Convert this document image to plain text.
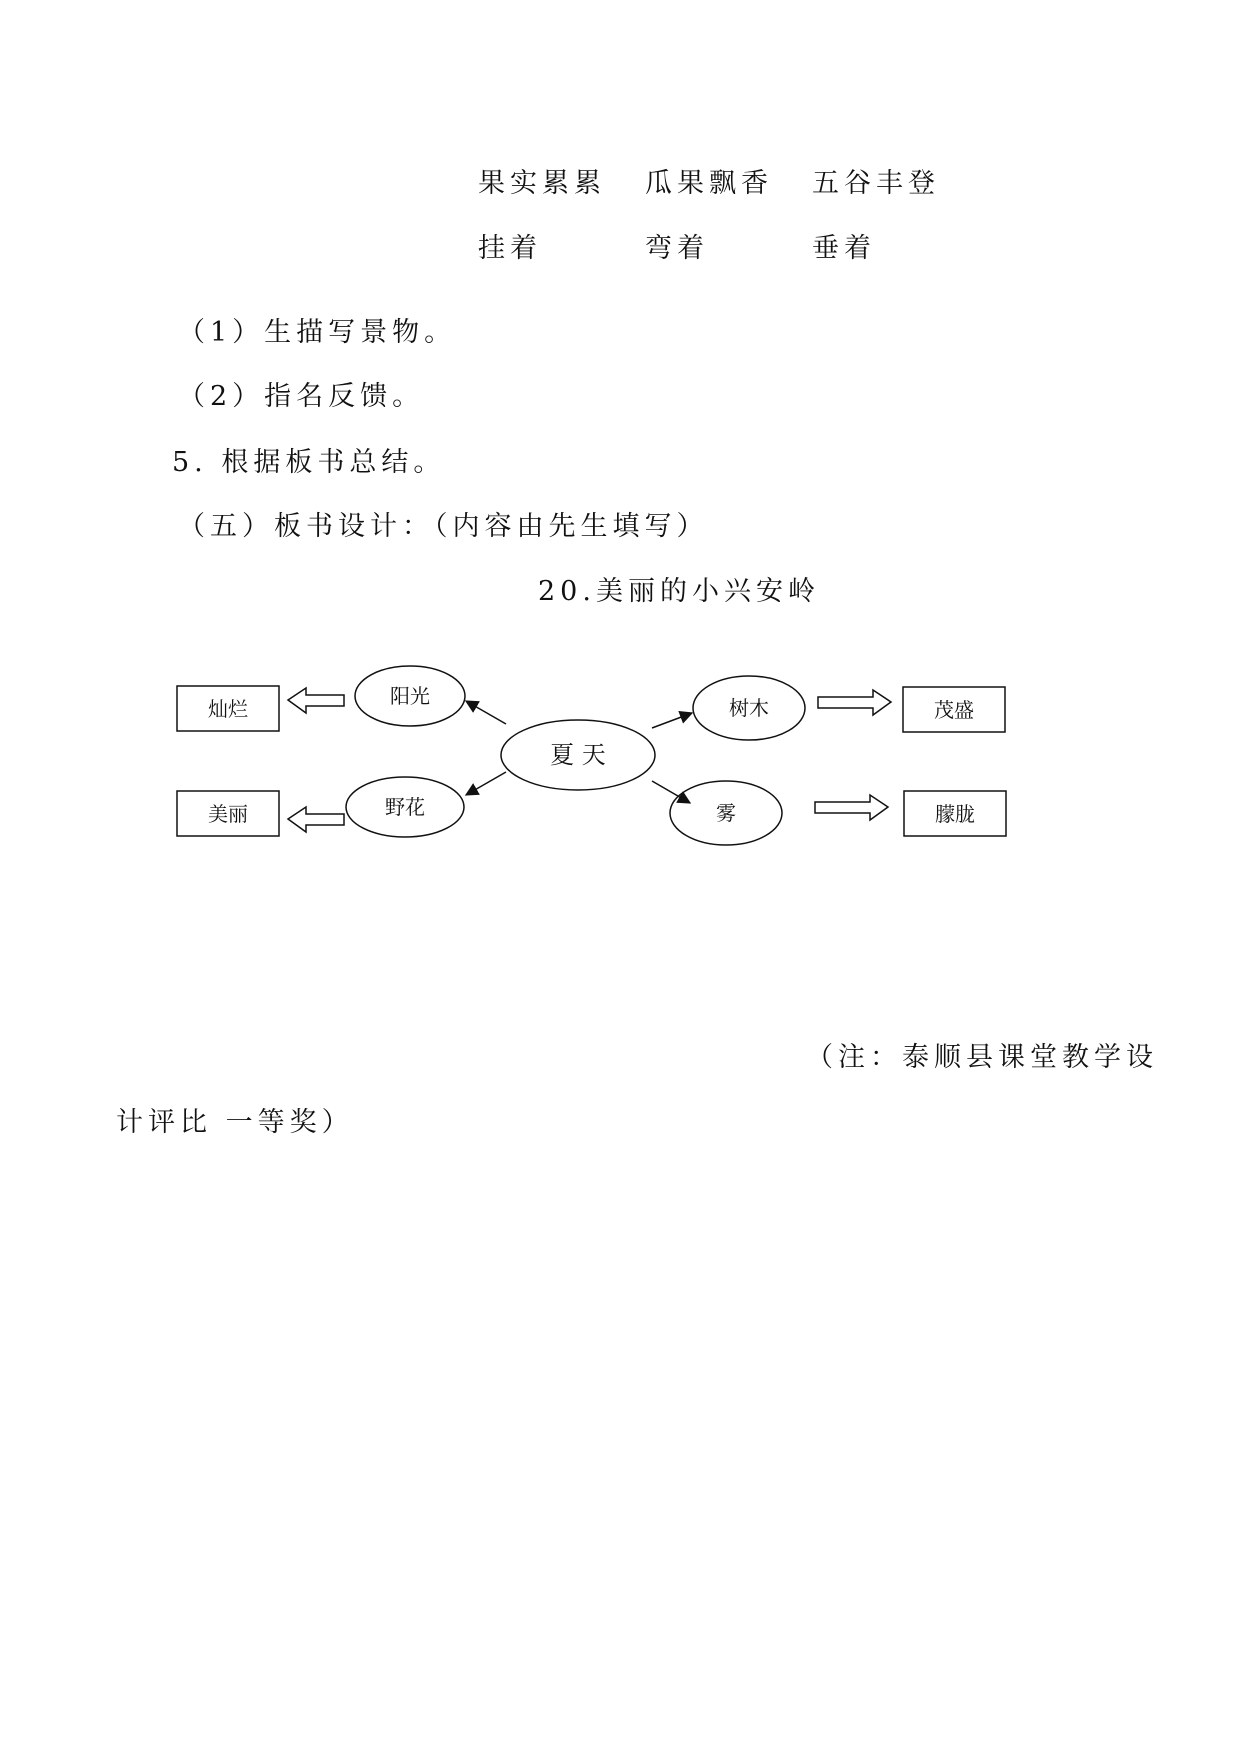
果实累累 瓜果飘香 五谷丰登
挂着	弯着	垂着
（1）生描写景物。
（2）指名反馈。
5. 根据板书总结。
（五）板书设计：（内容由先生填写）
20.美丽的小兴安岭
夏 天
阳光
野花
树木
雾
灿烂
美丽
茂盛
朦胧
（注：泰顺县课堂教学设
计评比 一等奖）
